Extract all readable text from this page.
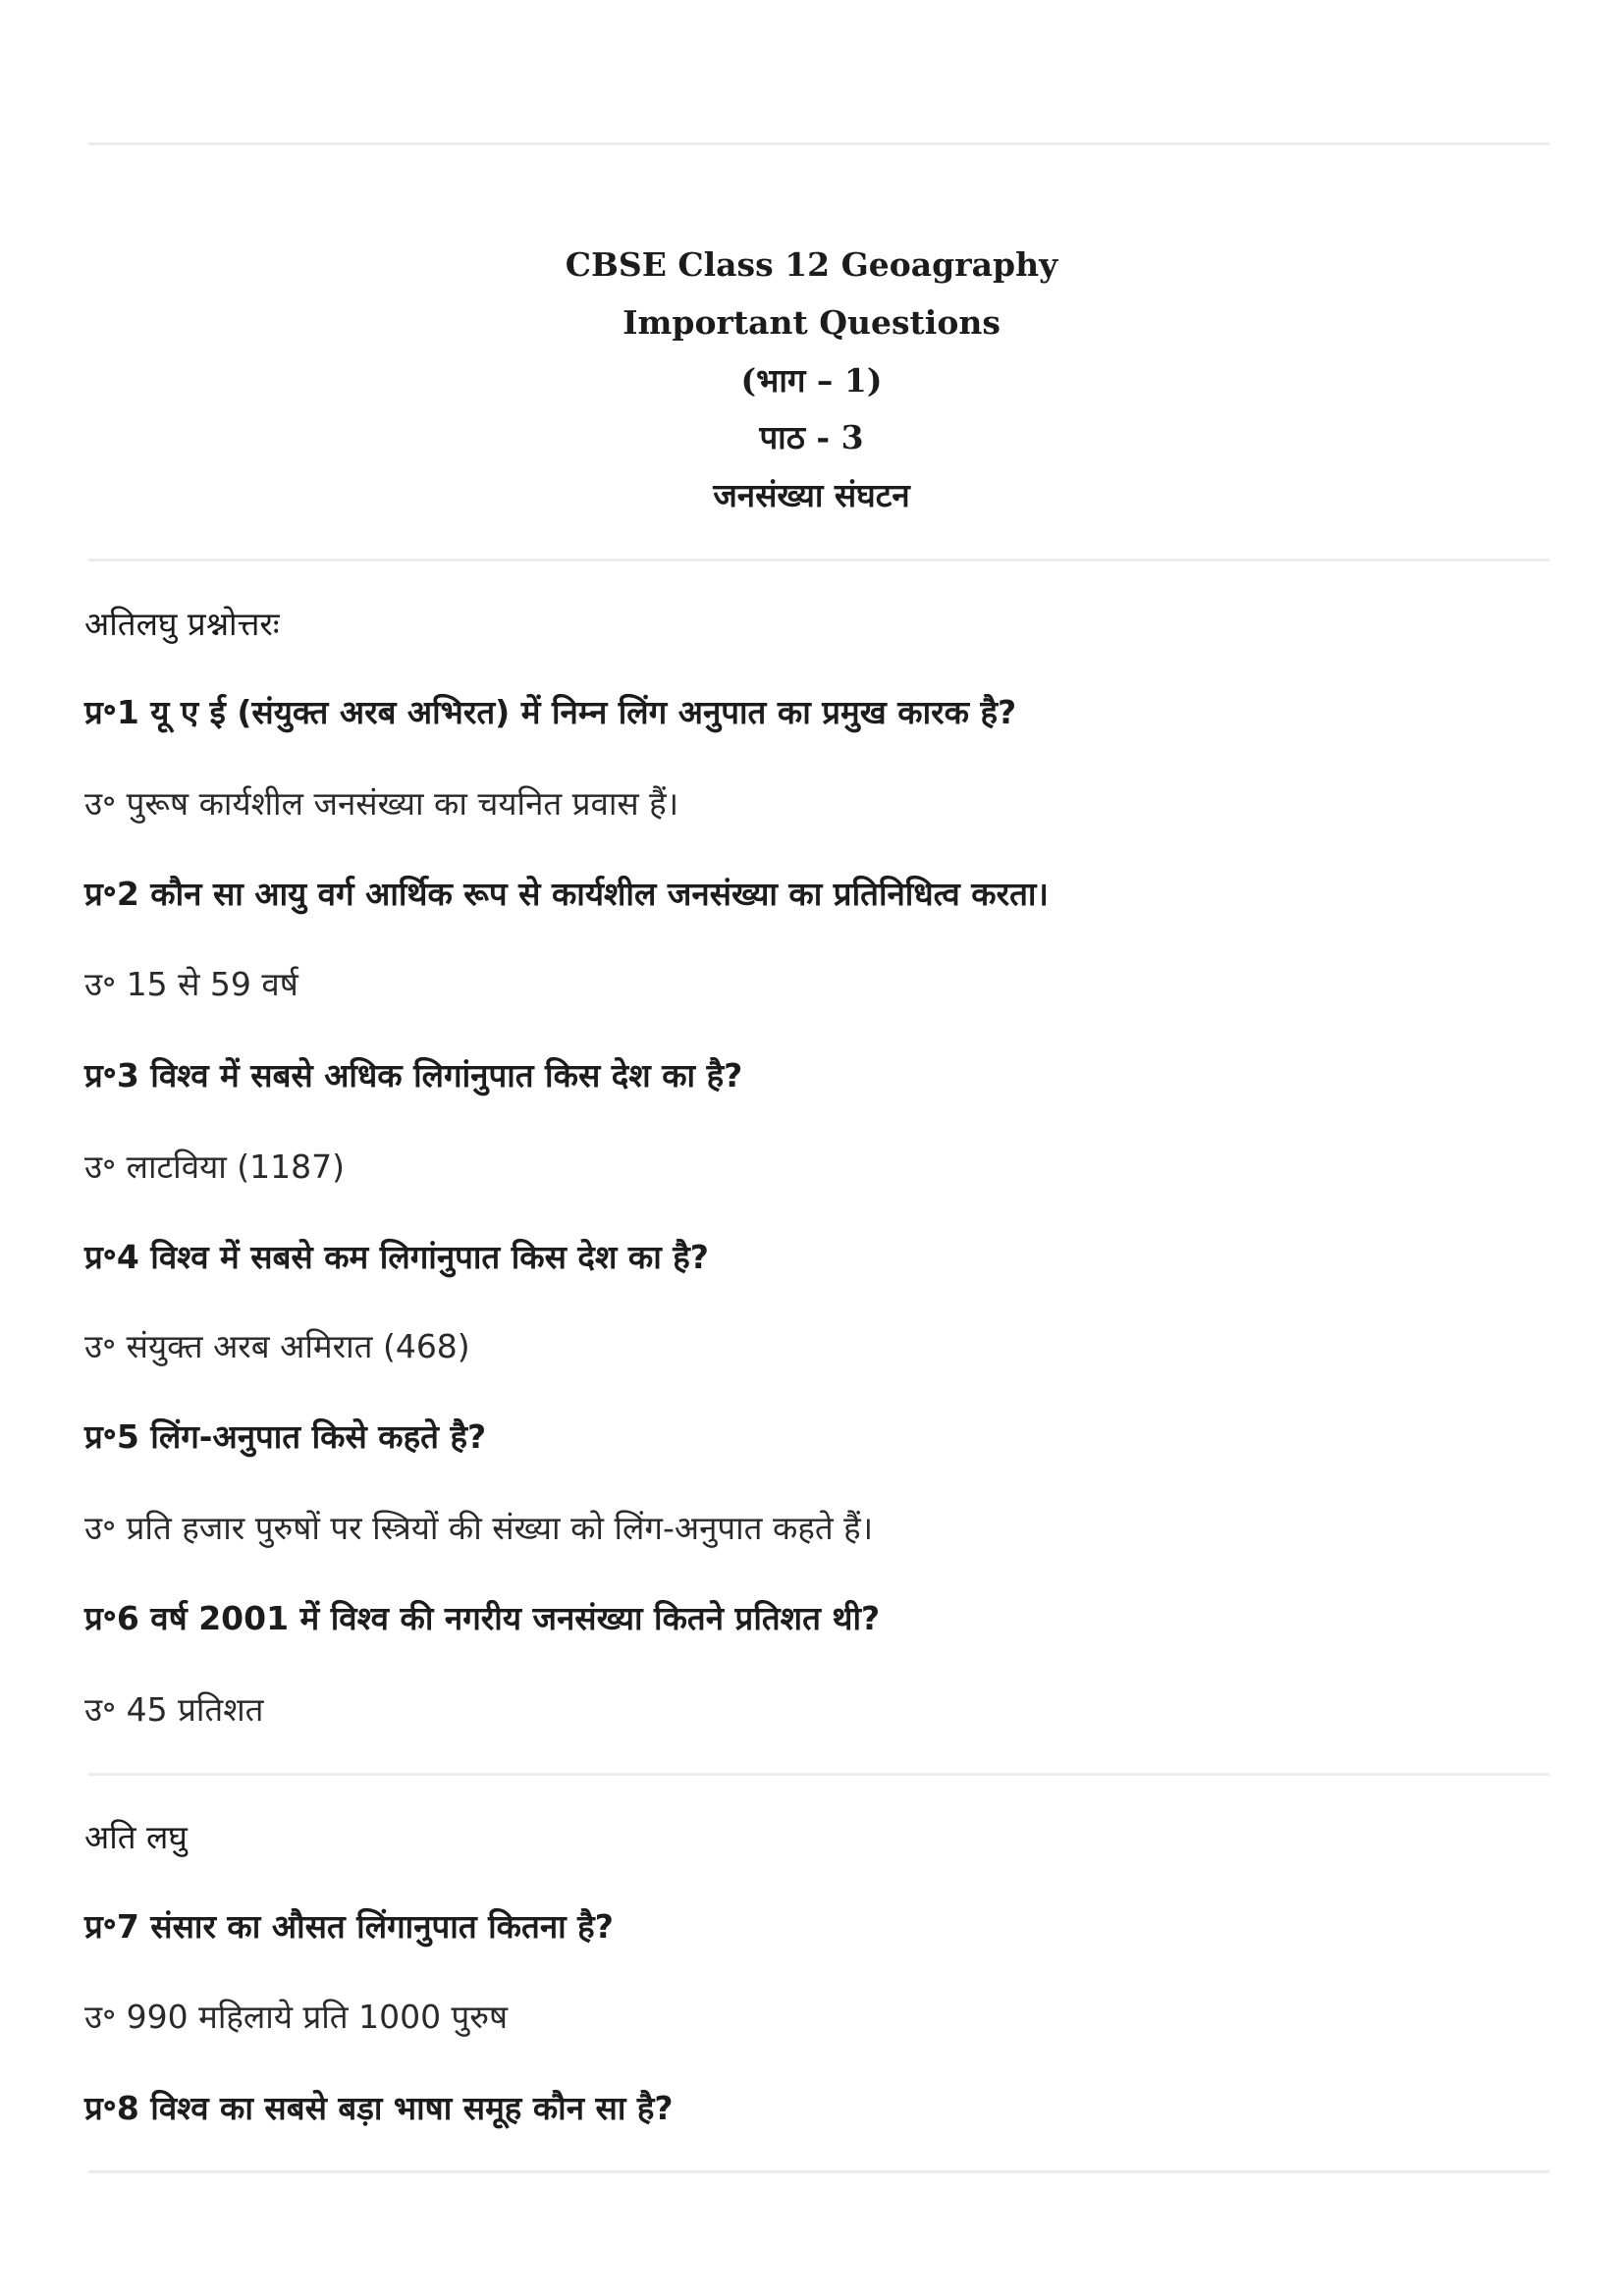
CBSE Class 12 Geoagraphy
Important Questions
(भाग – 1)
पाठ - 3
जनसंख्या संघटन
अतिलघु प्रश्नोत्तरः
प्र॰1 यू ए ई (संयुक्त अरब अभिरत) में निम्न लिंग अनुपात का प्रमुख कारक है?
उ॰ पुरूष कार्यशील जनसंख्या का चयनित प्रवास हैं।
प्र॰2 कौन सा आयु वर्ग आर्थिक रूप से कार्यशील जनसंख्या का प्रतिनिधित्व करता।
उ॰ 15 से 59 वर्ष
प्र॰3 विश्व में सबसे अधिक लिगांनुपात किस देश का है?
उ॰ लाटविया (1187)
प्र॰4 विश्व में सबसे कम लिगांनुपात किस देश का है?
उ॰ संयुक्त अरब अमिरात (468)
प्र॰5 लिंग-अनुपात किसे कहते है?
उ॰ प्रति हजार पुरुषों पर स्त्रियों की संख्या को लिंग-अनुपात कहते हैं।
प्र॰6 वर्ष 2001 में विश्व की नगरीय जनसंख्या कितने प्रतिशत थी?
उ॰ 45 प्रतिशत
अति लघु
प्र॰7 संसार का औसत लिंगानुपात कितना है?
उ॰ 990 महिलाये प्रति 1000 पुरुष
प्र॰8 विश्व का सबसे बड़ा भाषा समूह कौन सा है?
